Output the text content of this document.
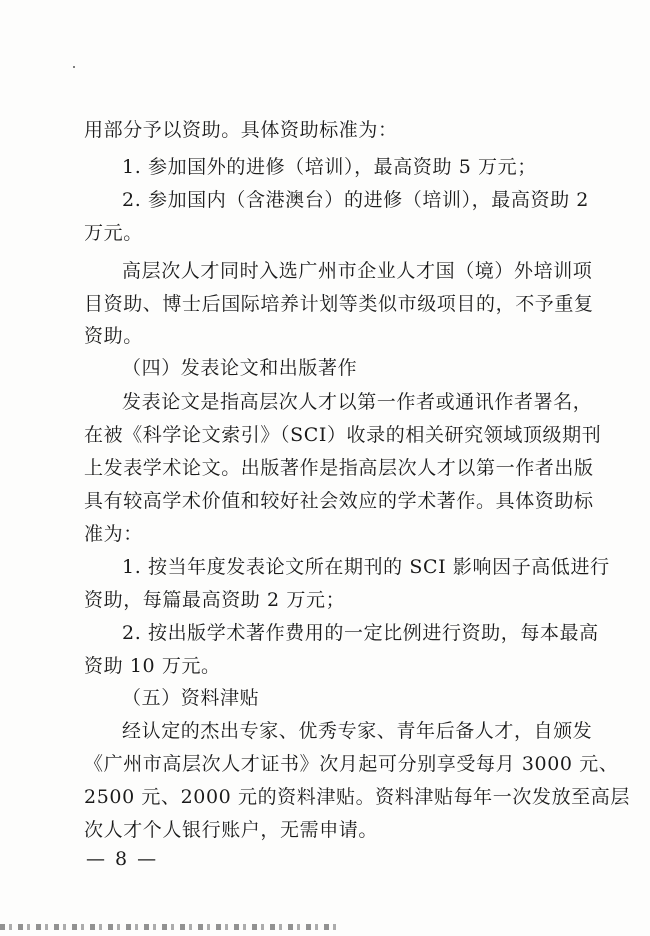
用部分予以资助。具体资助标准为：
1. 参加国外的进修（培训），最高资助 5 万元；
2. 参加国内（含港澳台）的进修（培训），最高资助 2
万元。
高层次人才同时入选广州市企业人才国（境）外培训项
目资助、博士后国际培养计划等类似市级项目的，不予重复
资助。
（四）发表论文和出版著作
发表论文是指高层次人才以第一作者或通讯作者署名，
在被《科学论文索引》（SCI）收录的相关研究领域顶级期刊
上发表学术论文。出版著作是指高层次人才以第一作者出版
具有较高学术价值和较好社会效应的学术著作。具体资助标
准为：
1. 按当年度发表论文所在期刊的 SCI 影响因子高低进行
资助，每篇最高资助 2 万元；
2. 按出版学术著作费用的一定比例进行资助，每本最高
资助 10 万元。
（五）资料津贴
经认定的杰出专家、优秀专家、青年后备人才，自颁发
《广州市高层次人才证书》次月起可分别享受每月 3000 元、
2500 元、2000 元的资料津贴。资料津贴每年一次发放至高层
次人才个人银行账户，无需申请。
— 8 —
